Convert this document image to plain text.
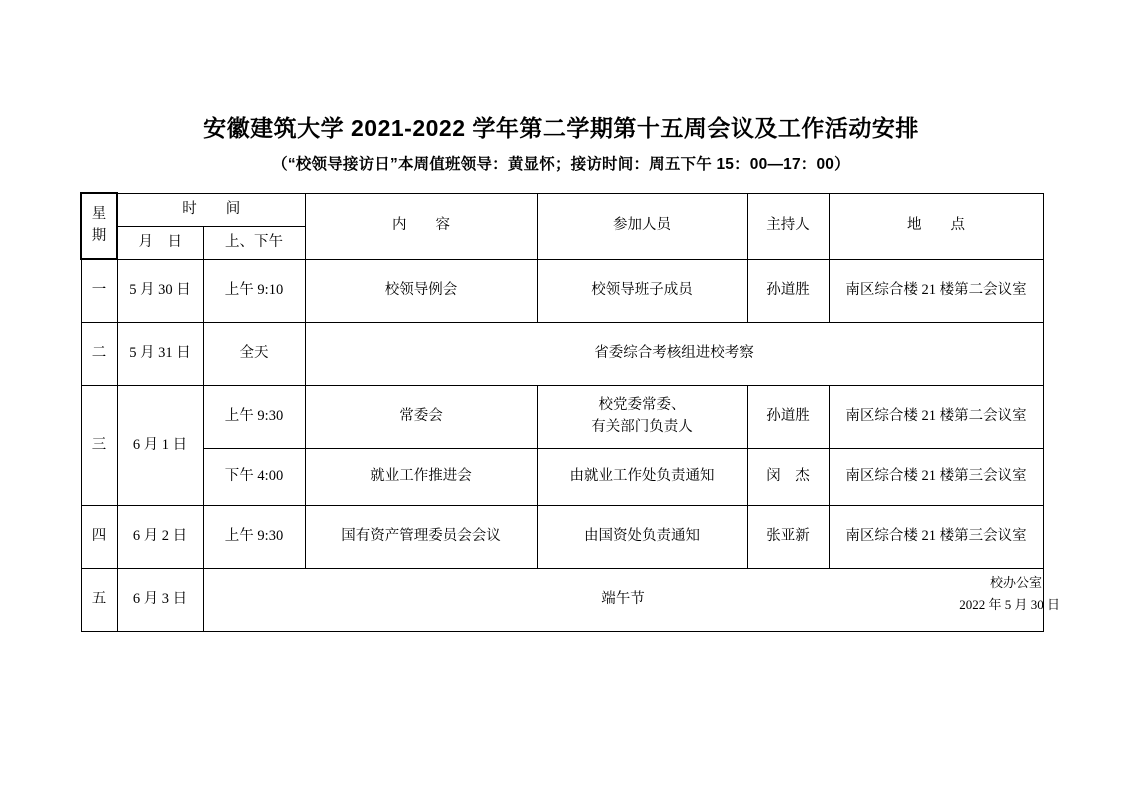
安徽建筑大学 2021-2022 学年第二学期第十五周会议及工作活动安排
（“校领导接访日”本周值班领导：黄显怀；接访时间：周五下午 15：00—17：00）
星
期	时　　间		内　　容	参加人员	主持人	地　　点
	月　日	上、下午				
一	5 月 30 日	上午 9:10	校领导例会	校领导班子成员	孙道胜	南区综合楼 21 楼第二会议室
二	5 月 31 日	全天	省委综合考核组进校考察			
三	6 月 1 日	上午 9:30	常委会	校党委常委、
有关部门负责人	孙道胜	南区综合楼 21 楼第二会议室
		下午 4:00	就业工作推进会	由就业工作处负责通知	闵　杰	南区综合楼 21 楼第三会议室
四	6 月 2 日	上午 9:30	国有资产管理委员会会议	由国资处负责通知	张亚新	南区综合楼 21 楼第三会议室
五	6 月 3 日	端午节				
校办公室
2022 年 5 月 30 日
